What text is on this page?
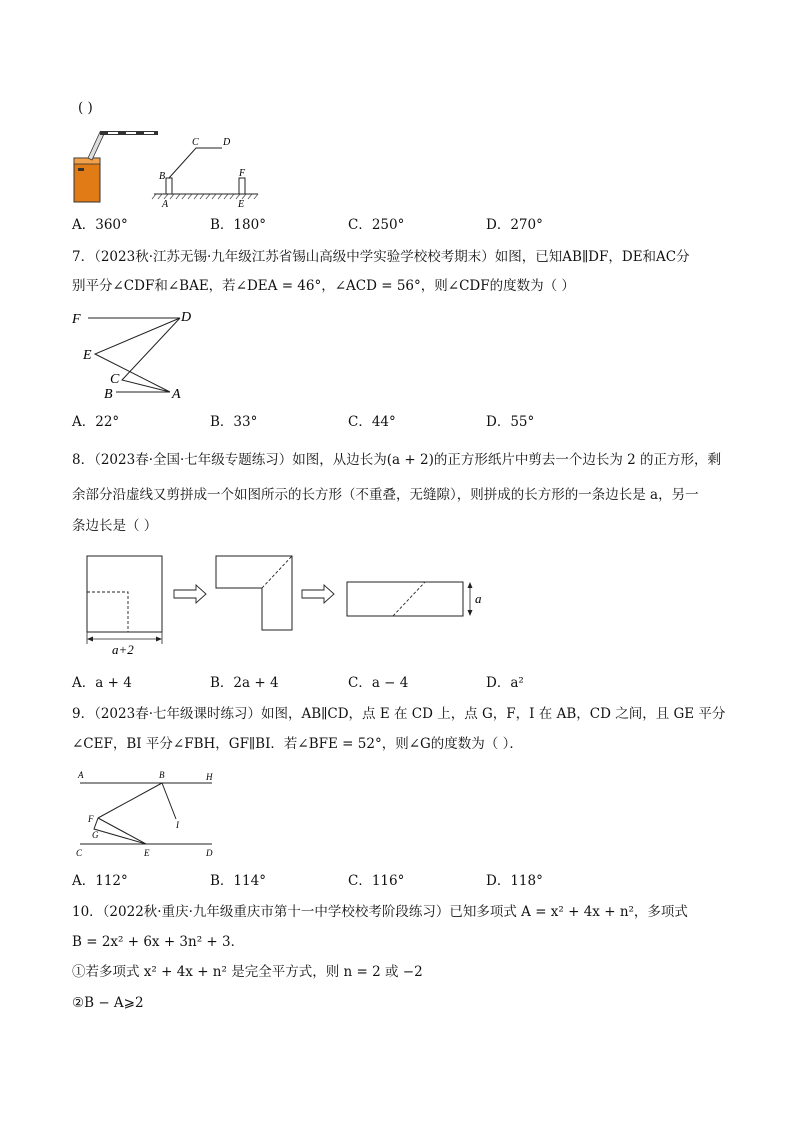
( )
C D
B
A
F
E
A．360°	B．180°	C．250°	D．270°
7．（2023秋·江苏无锡·九年级江苏省锡山高级中学实验学校校考期末）如图，已知AB∥DF，DE和AC分
别平分∠CDF和∠BAE，若∠DEA = 46°，∠ACD = 56°，则∠CDF的度数为（ ）
F	D
E
C
B	A
A．22°	B．33°	C．44°	D．55°
8．（2023春·全国·七年级专题练习）如图，从边长为(a + 2)的正方形纸片中剪去一个边长为 2 的正方形，剩
余部分沿虚线又剪拼成一个如图所示的长方形（不重叠，无缝隙），则拼成的长方形的一条边长是 a，另一
条边长是（ ）
a+2
a
A．a + 4	B．2a + 4	C．a − 4	D．a²
9．（2023春·七年级课时练习）如图，AB∥CD，点 E 在 CD 上，点 G，F，I 在 AB，CD 之间，且 GE 平分
∠CEF，BI 平分∠FBH，GF∥BI．若∠BFE = 52°，则∠G的度数为（ ）．
A	B	H
F
I
G
C	E	D
A．112°	B．114°	C．116°	D．118°
10．（2022秋·重庆·九年级重庆市第十一中学校校考阶段练习）已知多项式 A = x² + 4x + n²，多项式
B = 2x² + 6x + 3n² + 3．
①若多项式 x² + 4x + n² 是完全平方式，则 n = 2 或 −2
②B − A⩾2
